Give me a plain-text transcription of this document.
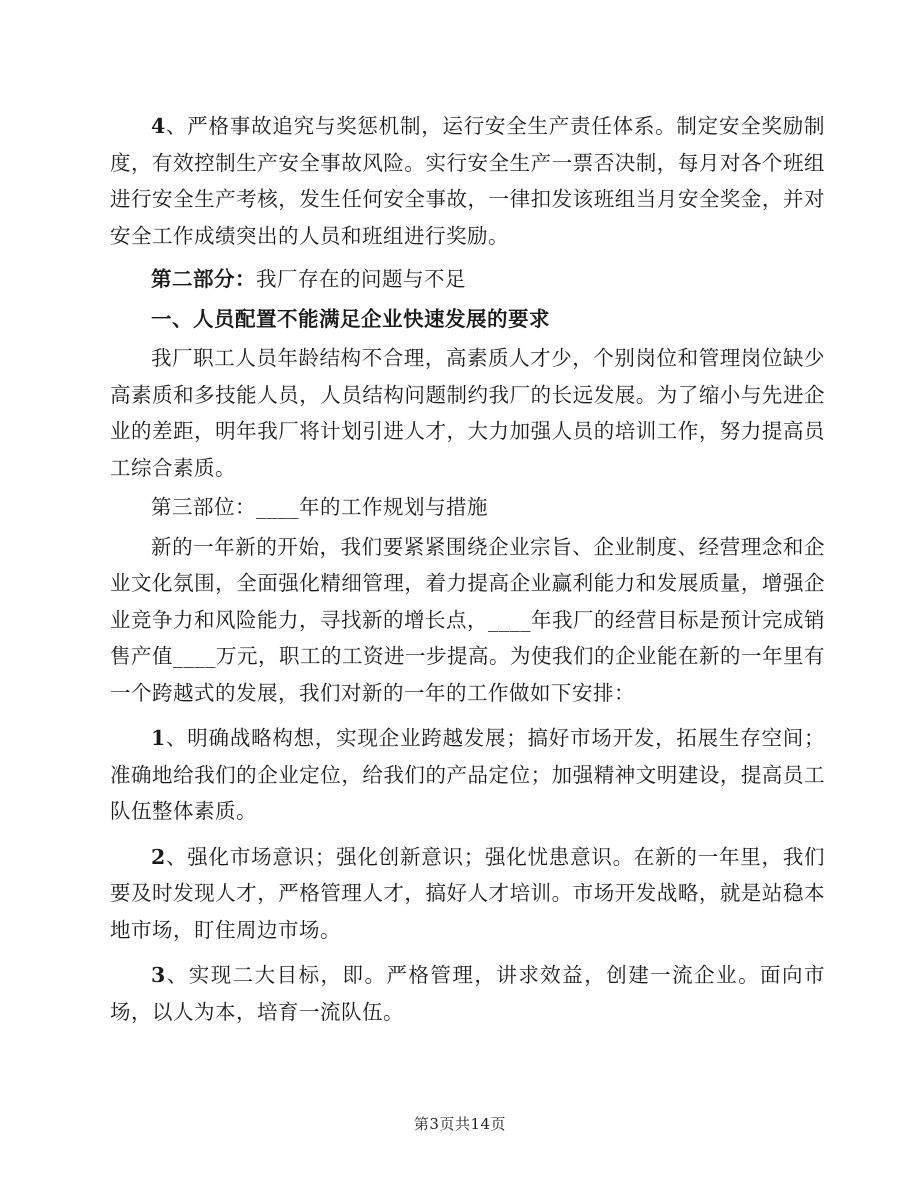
4、严格事故追究与奖惩机制，运行安全生产责任体系。制定安全奖励制度，有效控制生产安全事故风险。实行安全生产一票否决制，每月对各个班组进行安全生产考核，发生任何安全事故，一律扣发该班组当月安全奖金，并对安全工作成绩突出的人员和班组进行奖励。

第二部分：我厂存在的问题与不足

一、人员配置不能满足企业快速发展的要求

我厂职工人员年龄结构不合理，高素质人才少，个别岗位和管理岗位缺少高素质和多技能人员，人员结构问题制约我厂的长远发展。为了缩小与先进企业的差距，明年我厂将计划引进人才，大力加强人员的培训工作，努力提高员工综合素质。

第三部位：____年的工作规划与措施

新的一年新的开始，我们要紧紧围绕企业宗旨、企业制度、经营理念和企业文化氛围，全面强化精细管理，着力提高企业赢利能力和发展质量，增强企业竞争力和风险能力，寻找新的增长点，____年我厂的经营目标是预计完成销售产值____万元，职工的工资进一步提高。为使我们的企业能在新的一年里有一个跨越式的发展，我们对新的一年的工作做如下安排：

1、明确战略构想，实现企业跨越发展；搞好市场开发，拓展生存空间；准确地给我们的企业定位，给我们的产品定位；加强精神文明建设，提高员工队伍整体素质。

2、强化市场意识；强化创新意识；强化忧患意识。在新的一年里，我们要及时发现人才，严格管理人才，搞好人才培训。市场开发战略，就是站稳本地市场，盯住周边市场。

3、实现二大目标，即。严格管理，讲求效益，创建一流企业。面向市场，以人为本，培育一流队伍。

第3页共14页
